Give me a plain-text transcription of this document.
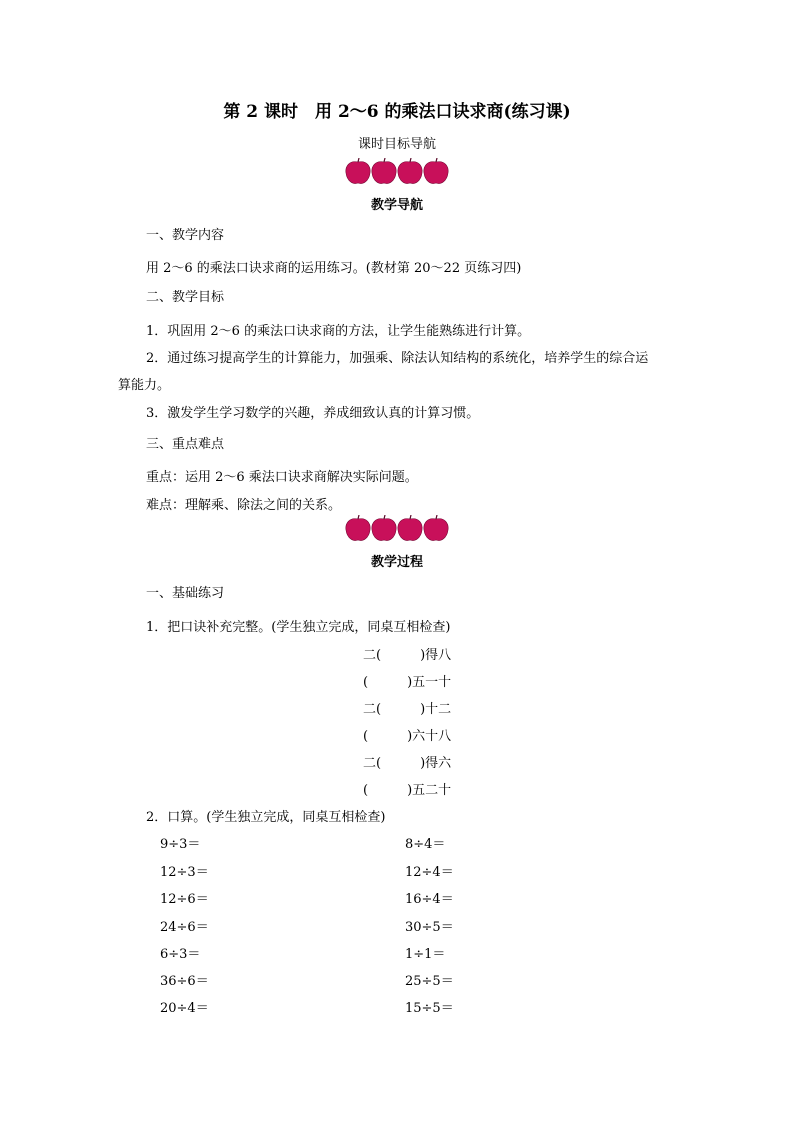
第 2 课时　用 2～6 的乘法口诀求商(练习课)
课时目标导航
教学导航
一、教学内容
用 2～6 的乘法口诀求商的运用练习。(教材第 20～22 页练习四)
二、教学目标
1．巩固用 2～6 的乘法口诀求商的方法，让学生能熟练进行计算。
2．通过练习提高学生的计算能力，加强乘、除法认知结构的系统化，培养学生的综合运
算能力。
3．激发学生学习数学的兴趣，养成细致认真的计算习惯。
三、重点难点
重点：运用 2～6 乘法口诀求商解决实际问题。
难点：理解乘、除法之间的关系。
教学过程
一、基础练习
1．把口诀补充完整。(学生独立完成，同桌互相检查)
二(　　　)得八
(　　　)五一十
二(　　　)十二
(　　　)六十八
二(　　　)得六
(　　　)五二十
2．口算。(学生独立完成，同桌互相检查)
9÷3＝
12÷3＝
12÷6＝
24÷6＝
6÷3＝
36÷6＝
20÷4＝
8÷4＝
12÷4＝
16÷4＝
30÷5＝
1÷1＝
25÷5＝
15÷5＝
